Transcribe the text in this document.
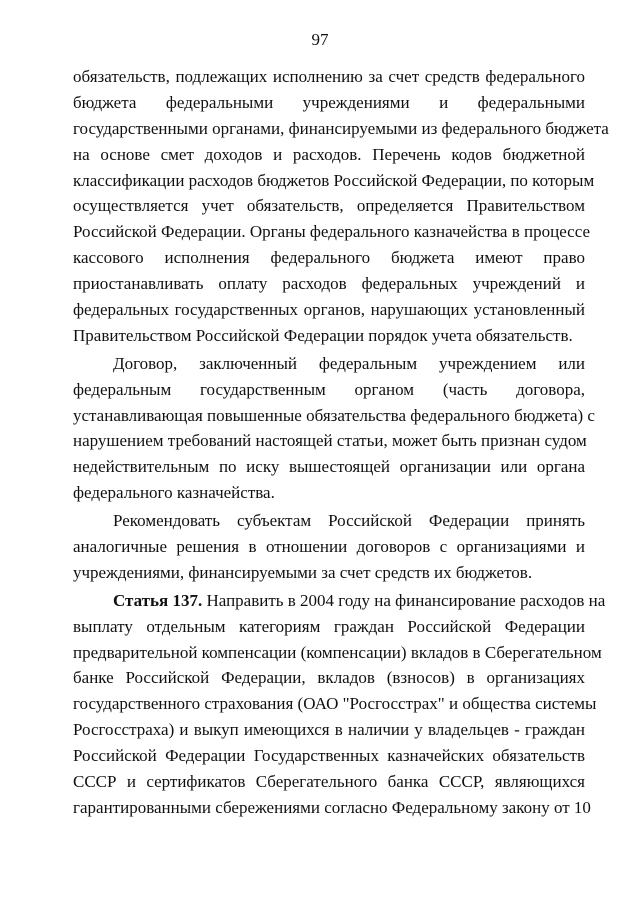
97
обязательств, подлежащих исполнению за счет средств федерального
бюджета федеральными учреждениями и федеральными
государственными органами, финансируемыми из федерального бюджета
на основе смет доходов и расходов. Перечень кодов бюджетной
классификации расходов бюджетов Российской Федерации, по которым
осуществляется учет обязательств, определяется Правительством
Российской Федерации. Органы федерального казначейства в процессе
кассового исполнения федерального бюджета имеют право
приостанавливать оплату расходов федеральных учреждений и
федеральных государственных органов, нарушающих установленный
Правительством Российской Федерации порядок учета обязательств.
Договор, заключенный федеральным учреждением или
федеральным государственным органом (часть договора,
устанавливающая повышенные обязательства федерального бюджета) с
нарушением требований настоящей статьи, может быть признан судом
недействительным по иску вышестоящей организации или органа
федерального казначейства.
Рекомендовать субъектам Российской Федерации принять
аналогичные решения в отношении договоров с организациями и
учреждениями, финансируемыми за счет средств их бюджетов.
Статья 137. Направить в 2004 году на финансирование расходов на
выплату отдельным категориям граждан Российской Федерации
предварительной компенсации (компенсации) вкладов в Сберегательном
банке Российской Федерации, вкладов (взносов) в организациях
государственного страхования (ОАО "Росгосстрах" и общества системы
Росгосстраха) и выкуп имеющихся в наличии у владельцев - граждан
Российской Федерации Государственных казначейских обязательств
СССР и сертификатов Сберегательного банка СССР, являющихся
гарантированными сбережениями согласно Федеральному закону от 10
